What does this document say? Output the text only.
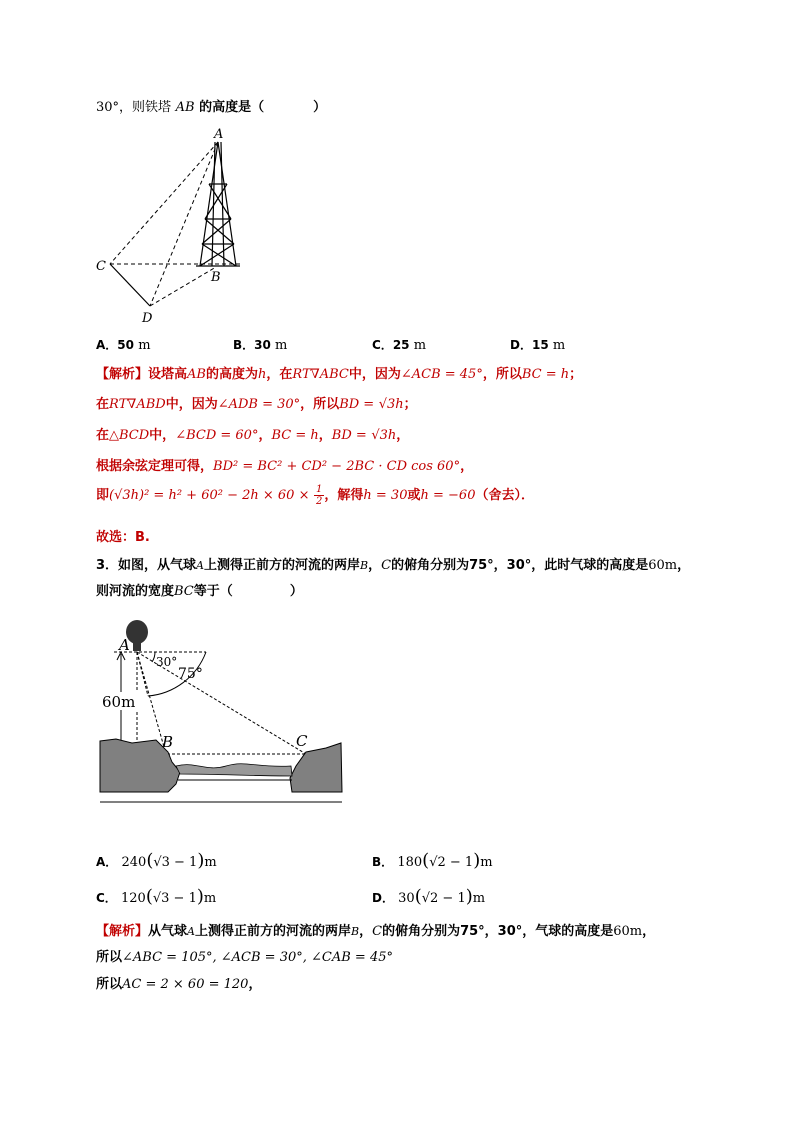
30°，则铁塔 AB 的高度是（	）
A
B
C
D
A．50 m	B．30 m	C．25 m	D．15 m
【解析】设塔高AB的高度为h，在RT∇ABC中，因为∠ACB = 45°，所以BC = h；
在RT∇ABD中，因为∠ADB = 30°，所以BD = √3h；
在△BCD中，∠BCD = 60°，BC = h，BD = √3h，
根据余弦定理可得，BD² = BC² + CD² − 2BC · CD cos 60°，
即$(√3h)^2 = h^2 + 60^2 - 2h \times 60 \times \frac{1}{2}$ ，解得h = 30或h = −60（舍去）．
故选：B.
3．如图，从气球A上测得正前方的河流的两岸B，C的俯角分别为75°，30°，此时气球的高度是60m，
则河流的宽度BC等于（	）
30°
75°
60m
A
B	C
A． 240(√3 − 1)m	B． 180(√2 − 1)m
C． 120(√3 − 1)m	D． 30(√2 − 1)m
【解析】从气球A上测得正前方的河流的两岸B，C的俯角分别为75°，30°，气球的高度是60m，
所以∠ABC = 105°, ∠ACB = 30°, ∠CAB = 45°
所以AC = 2 × 60 = 120，
